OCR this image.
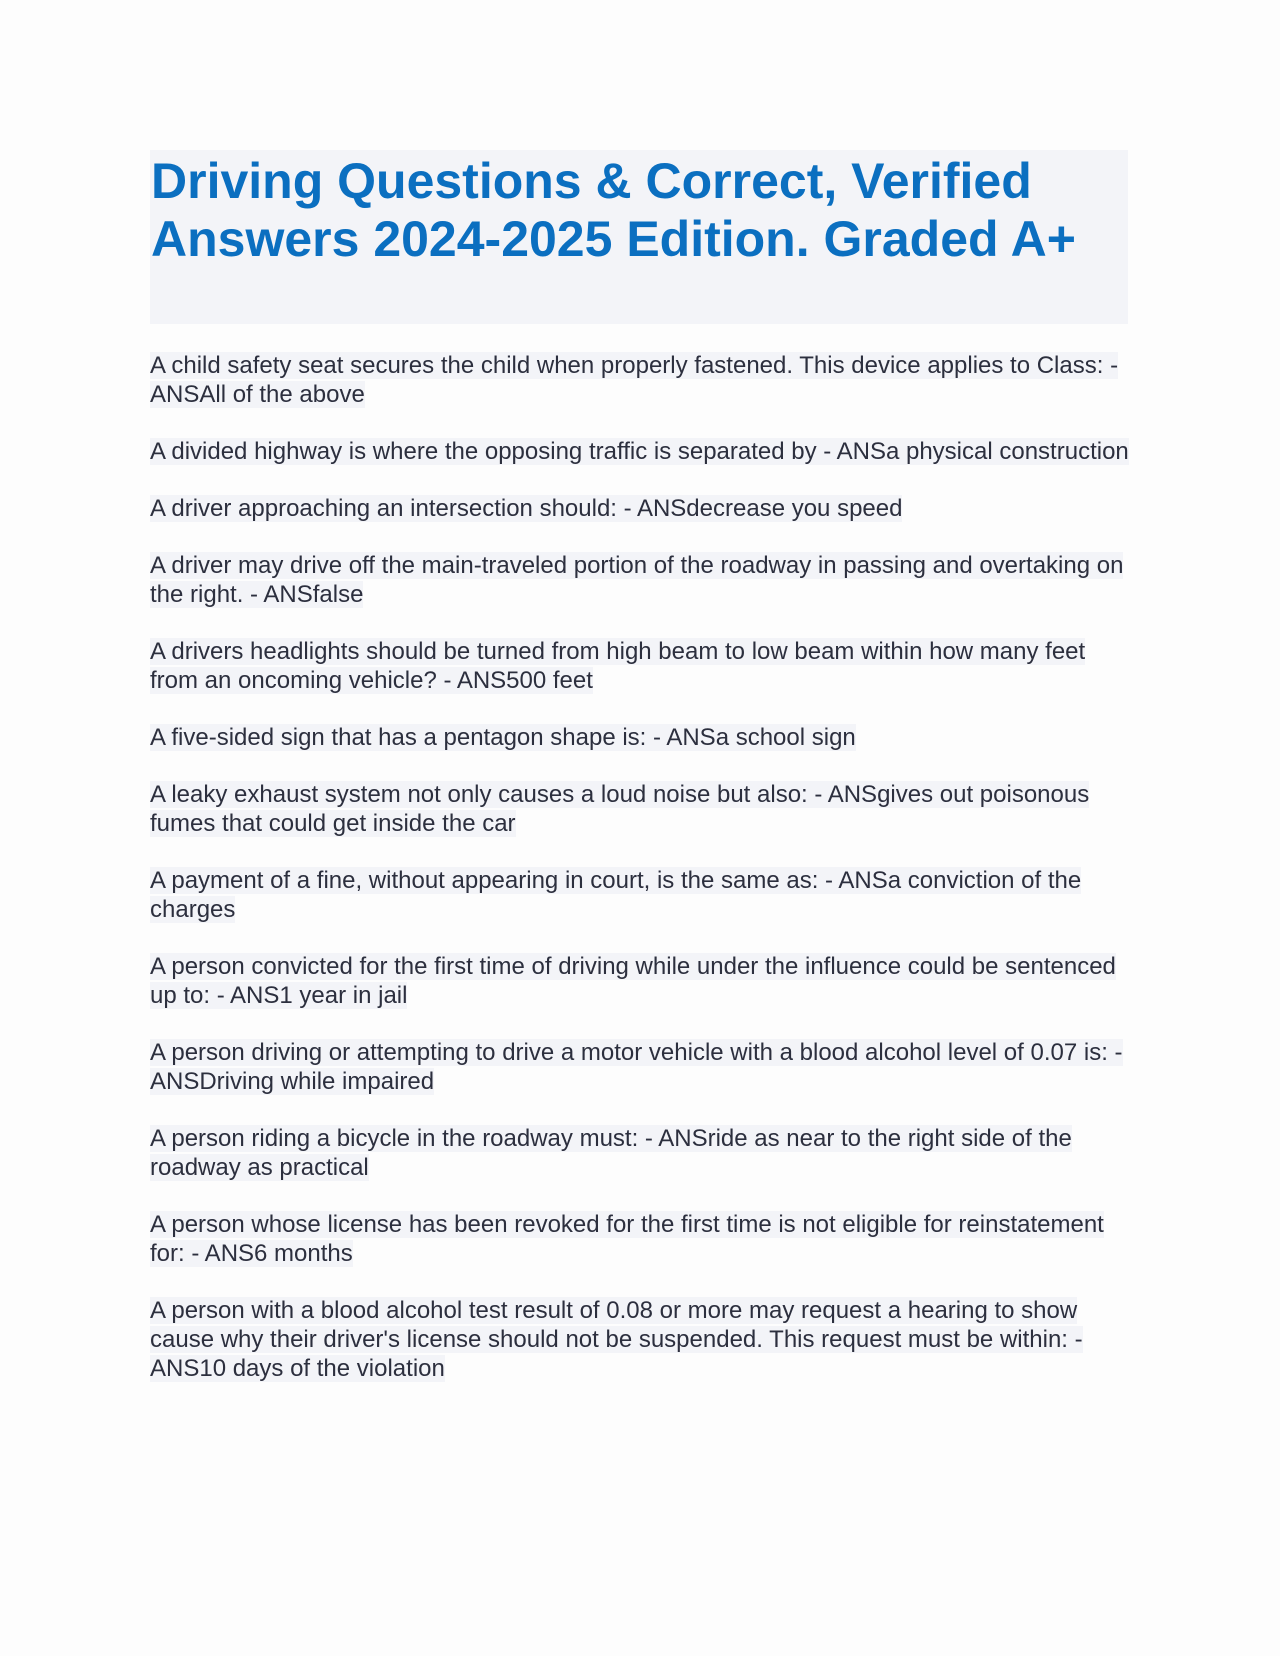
Driving Questions & Correct, Verified Answers 2024-2025 Edition. Graded A+
A child safety seat secures the child when properly fastened. This device applies to Class: - ANSAll of the above
A divided highway is where the opposing traffic is separated by - ANSa physical construction
A driver approaching an intersection should: - ANSdecrease you speed
A driver may drive off the main-traveled portion of the roadway in passing and overtaking on the right. - ANSfalse
A drivers headlights should be turned from high beam to low beam within how many feet from an oncoming vehicle? - ANS500 feet
A five-sided sign that has a pentagon shape is: - ANSa school sign
A leaky exhaust system not only causes a loud noise but also: - ANSgives out poisonous fumes that could get inside the car
A payment of a fine, without appearing in court, is the same as: - ANSa conviction of the charges
A person convicted for the first time of driving while under the influence could be sentenced up to: - ANS1 year in jail
A person driving or attempting to drive a motor vehicle with a blood alcohol level of 0.07 is: - ANSDriving while impaired
A person riding a bicycle in the roadway must: - ANSride as near to the right side of the roadway as practical
A person whose license has been revoked for the first time is not eligible for reinstatement for: - ANS6 months
A person with a blood alcohol test result of 0.08 or more may request a hearing to show cause why their driver's license should not be suspended. This request must be within: - ANS10 days of the violation
